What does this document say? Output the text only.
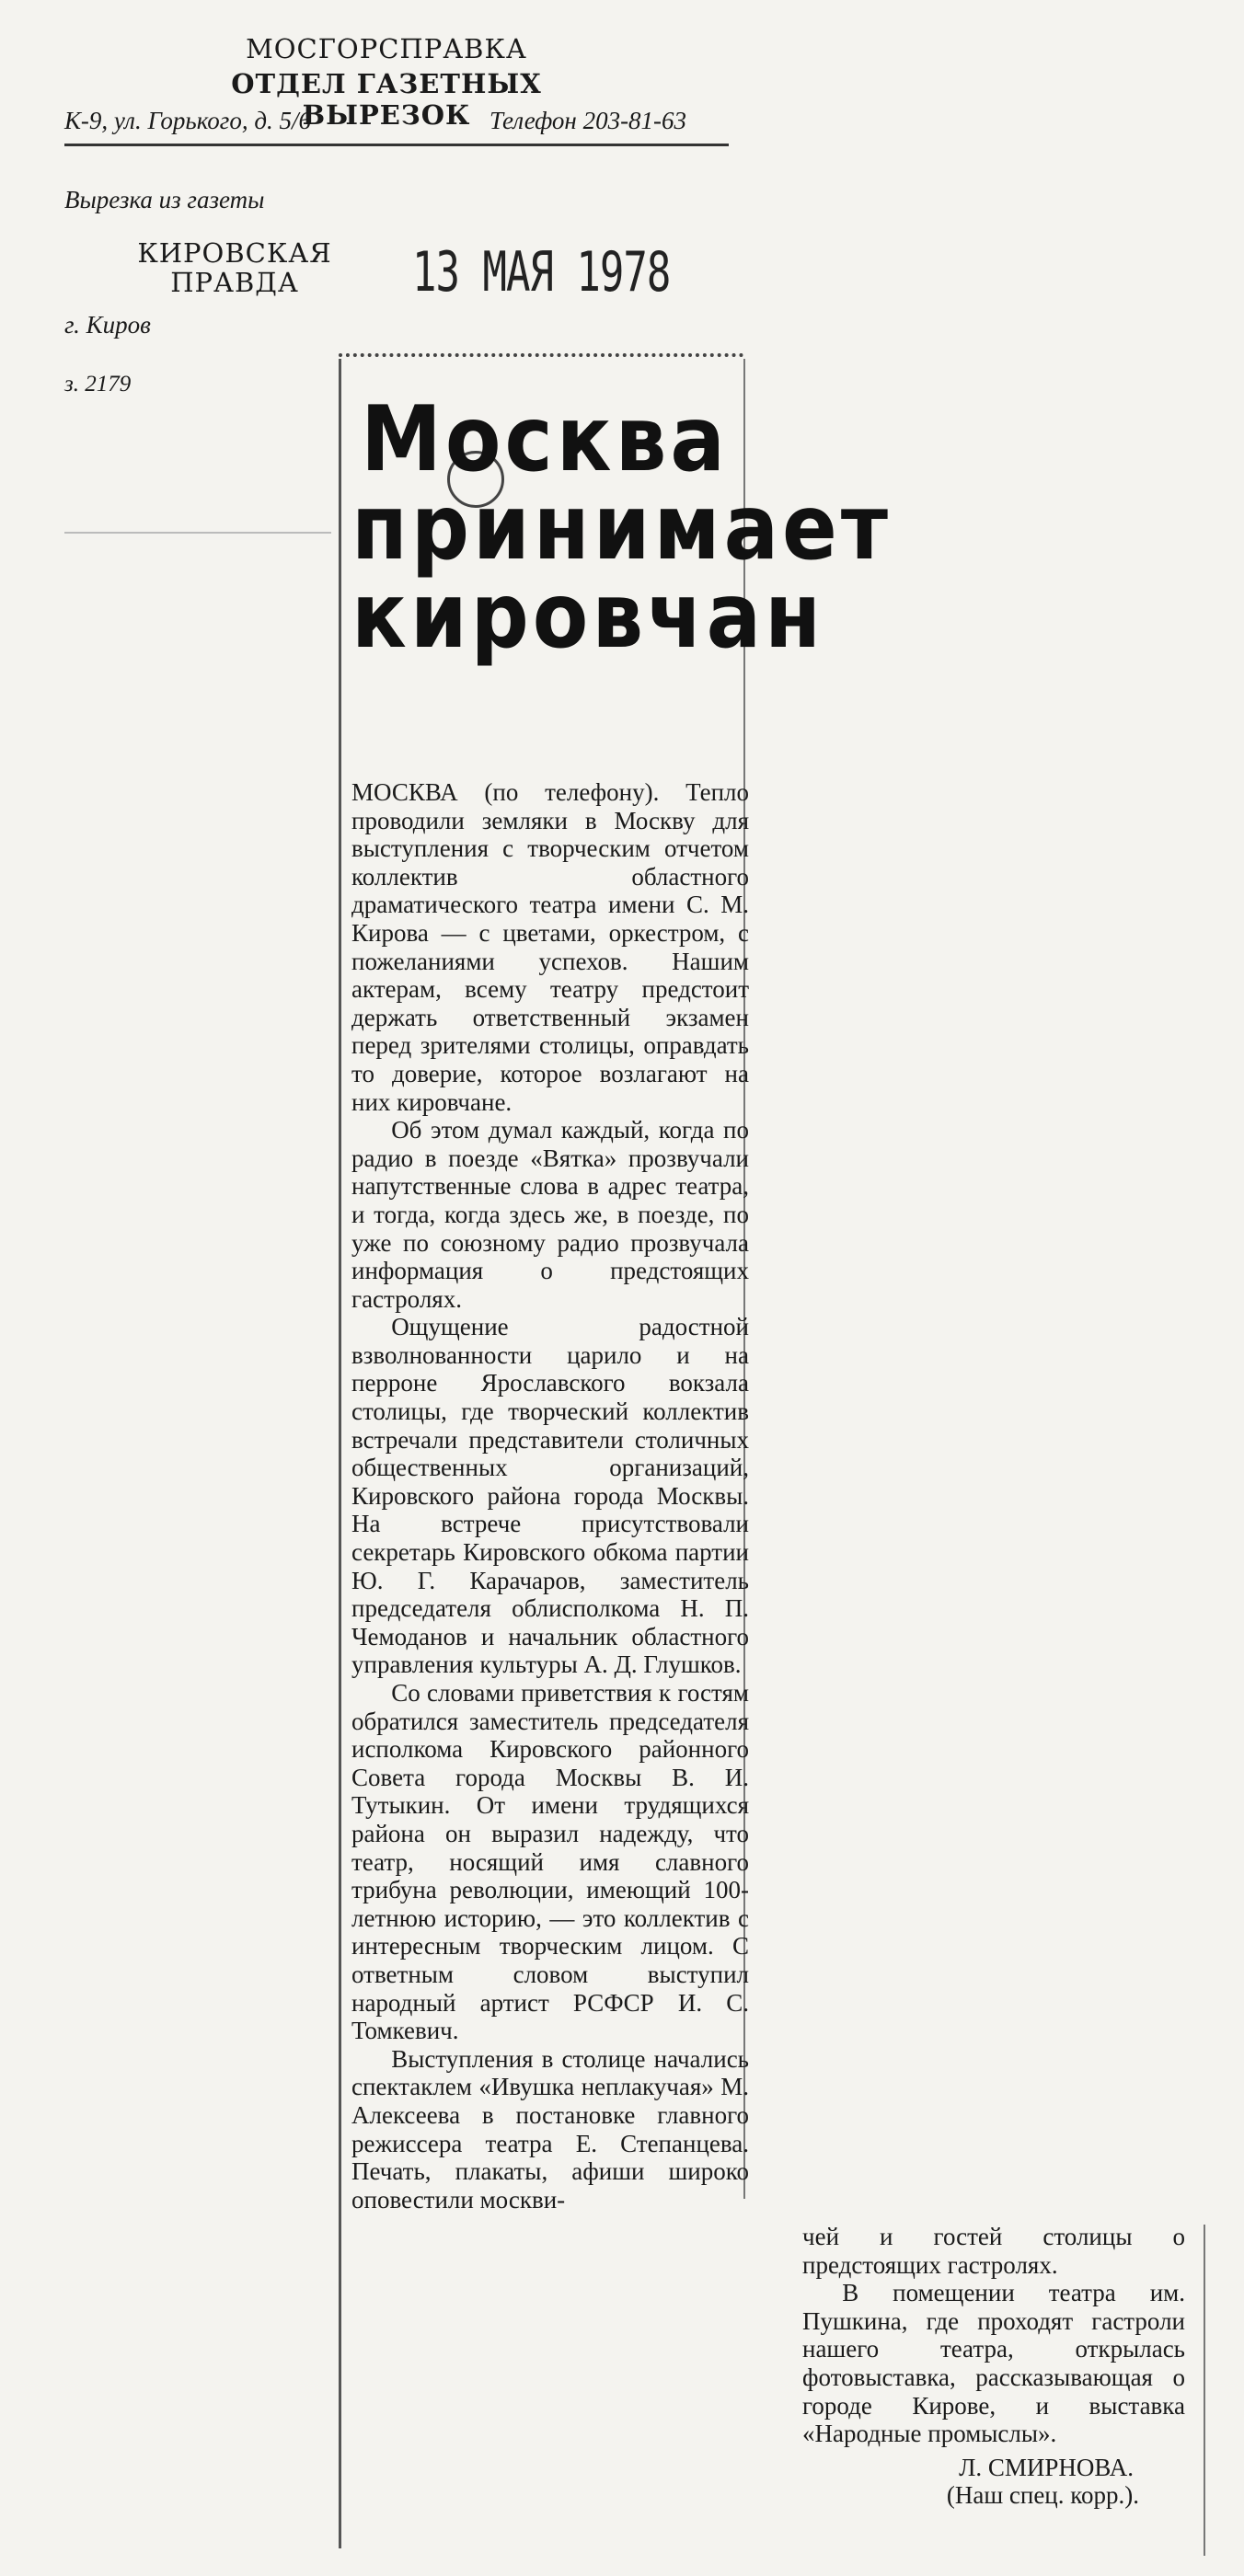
МОСГОРСПРАВКА
ОТДЕЛ ГАЗЕТНЫХ ВЫРЕЗОК
К-9, ул. Горького, д. 5/6	Телефон 203-81-63
Вырезка из газеты
КИРОВСКАЯ
ПРАВДА	13 МАЯ 1978
г. Киров
з. 2179
Москва
принимает
кировчан

МОСКВА (по телефону). Тепло проводили земляки в Москву для выступления с творческим отчетом коллектив областного драматического театра имени С. М. Кирова — с цветами, оркестром, с пожеланиями успехов. Нашим актерам, всему театру предстоит держать ответственный экзамен перед зрителями столицы, оправдать то доверие, которое возлагают на них кировчане.

Об этом думал каждый, когда по радио в поезде «Вятка» прозвучали напутственные слова в адрес театра, и тогда, когда здесь же, в поезде, по уже по союзному радио прозвучала информация о предстоящих гастролях.

Ощущение радостной взволнованности царило и на перроне Ярославского вокзала столицы, где творческий коллектив встречали представители столичных общественных организаций, Кировского района города Москвы. На встрече присутствовали секретарь Кировского обкома партии Ю. Г. Карачаров, заместитель председателя облисполкома Н. П. Чемоданов и начальник областного управления культуры А. Д. Глушков.

Со словами приветствия к гостям обратился заместитель председателя исполкома Кировского районного Совета города Москвы В. И. Тутыкин. От имени трудящихся района он выразил надежду, что театр, носящий имя славного трибуна революции, имеющий 100-летнюю историю, — это коллектив с интересным творческим лицом. С ответным словом выступил народный артист РСФСР И. С. Томкевич.

Выступления в столице начались спектаклем «Ивушка неплакучая» М. Алексеева в постановке главного режиссера театра Е. Степанцева. Печать, плакаты, афиши широко оповестили москви-

чей и гостей столицы о предстоящих гастролях.

В помещении театра им. Пушкина, где проходят гастроли нашего театра, открылась фотовыставка, рассказывающая о городе Кирове, и выставка «Народные промыслы».

Л. СМИРНОВА.
(Наш спец. корр.).
